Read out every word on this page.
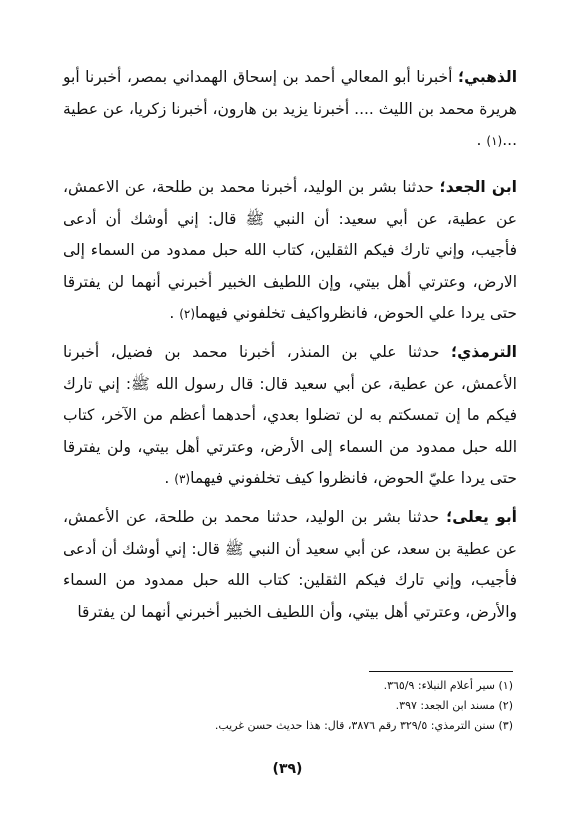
الذهبي؛ أخبرنا أبو المعالي أحمد بن إسحاق الهمداني بمصر، أخبرنا أبو هريرة محمد بن الليث .... أخبرنا يزيد بن هارون، أخبرنا زكريا، عن عطية ...(١) .

ابن الجعد؛ حدثنا بشر بن الوليد، أخبرنا محمد بن طلحة، عن الاعمش، عن عطية، عن أبي سعيد: أن النبي ﷺ قال: إني أوشك أن أدعى فأجيب، وإني تارك فيكم الثقلين، كتاب الله حبل ممدود من السماء إلى الارض، وعترتي أهل بيتي، وإن اللطيف الخبير أخبرني أنهما لن يفترقا حتى يردا علي الحوض، فانظرواكيف تخلفوني فيهما(٢) .

الترمذي؛ حدثنا علي بن المنذر، أخبرنا محمد بن فضيل، أخبرنا الأعمش، عن عطية، عن أبي سعيد قال: قال رسول الله ﷺ: إني تارك فيكم ما إن تمسكتم به لن تضلوا بعدي، أحدهما أعظم من الآخر، كتاب الله حبل ممدود من السماء إلى الأرض، وعترتي أهل بيتي، ولن يفترقا حتى يردا عليّ الحوض، فانظروا كيف تخلفوني فيهما(٣) .

أبو يعلى؛ حدثنا بشر بن الوليد، حدثنا محمد بن طلحة، عن الأعمش، عن عطية بن سعد، عن أبي سعيد أن النبي ﷺ قال: إني أوشك أن أدعى فأجيب، وإني تارك فيكم الثقلين: كتاب الله حبل ممدود من السماء والأرض، وعترتي أهل بيتي، وأن اللطيف الخبير أخبرني أنهما لن يفترقا

(١) سير أعلام النبلاء: ٣٦٥/٩.

(٢) مسند ابن الجعد: ٣٩٧.

(٣) سنن الترمذي: ٣٢٩/٥ رقم ٣٨٧٦، قال: هذا حديث حسن غريب.

(٣٩)
